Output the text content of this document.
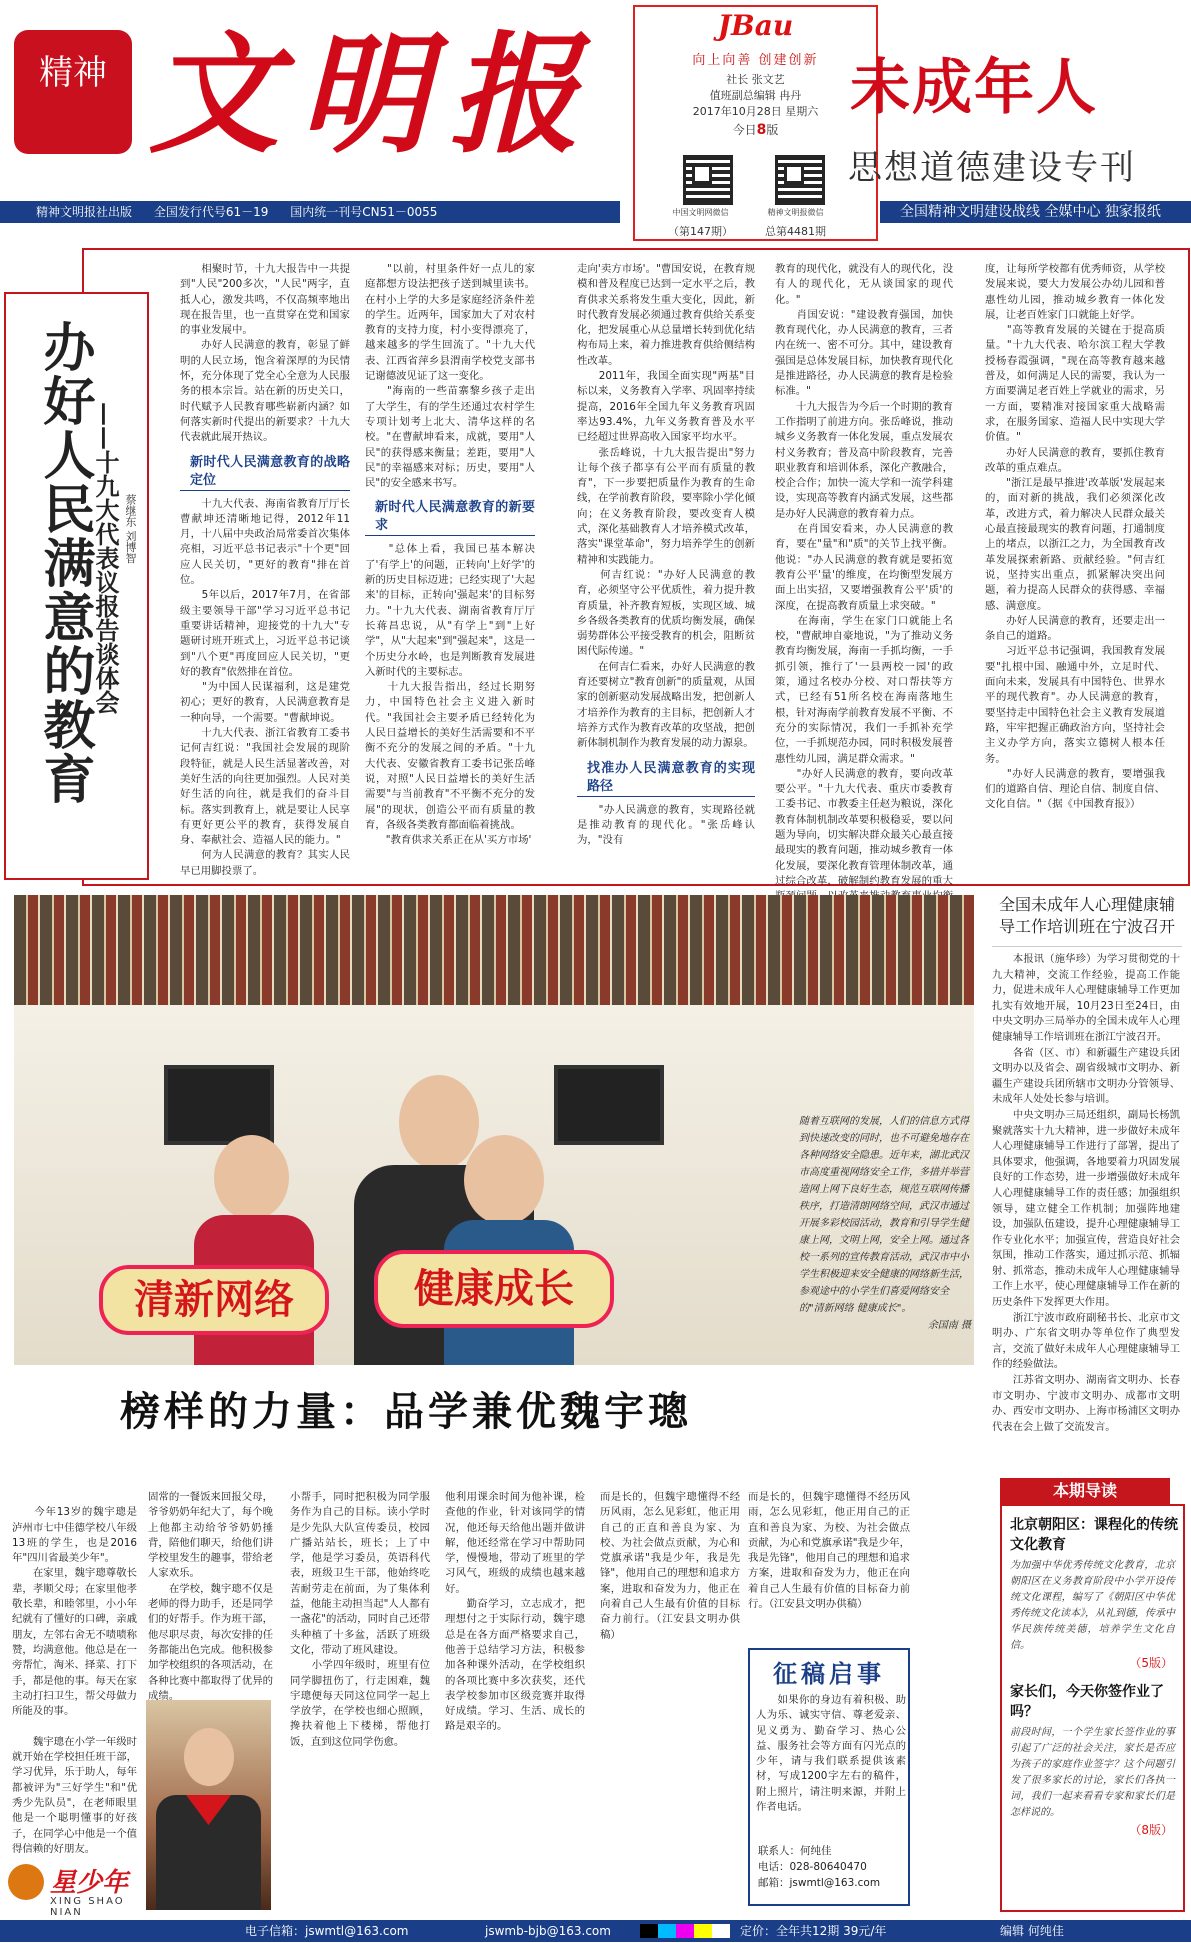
精神 文明报	JBau
向上向善 创建创新
社长 张文艺
值班副总编辑 冉丹
2017年10月28日 星期六
今日8版
中国文明网微信	精神文明报微信
（第147期）	总第4481期
未成年人
思想道德建设专刊
精神文明报社出版 全国发行代号61－19 国内统一刊号CN51－0055	全国精神文明建设战线 全媒中心 独家报纸
办好人民满意的教育
——十九大代表议报告谈体会 蔡继东 刘博智

　　相聚时节，十九大报告中一共提到"人民"200多次，"人民"两字，直抵人心，激发共鸣，不仅高频率地出现在报告里，也一直贯穿在党和国家的事业发展中。

　　办好人民满意的教育，彰显了鲜明的人民立场，饱含着深厚的为民情怀，充分体现了党全心全意为人民服务的根本宗旨。站在新的历史关口，时代赋予人民教育哪些崭新内涵？如何落实新时代提出的新要求？十九大代表就此展开热议。

新时代人民满意教育的战略定位

　　十九大代表、海南省教育厅厅长曹献坤还清晰地记得，2012年11月，十八届中央政治局常委首次集体亮相，习近平总书记表示"十个更"回应人民关切，"更好的教育"排在首位。

　　5年以后，2017年7月，在省部级主要领导干部"学习习近平总书记重要讲话精神，迎接党的十九大"专题研讨班开班式上，习近平总书记谈到"八个更"再度回应人民关切，"更好的教育"依然排在首位。

　　"为中国人民谋福利，这是建党初心；更好的教育，人民满意教育是一种向导，一个需要。"曹献坤说。

　　十九大代表、浙江省教育工委书记何吉红说："我国社会发展的现阶段特征，就是人民生活显著改善，对美好生活的向往更加强烈。人民对美好生活的向往，就是我们的奋斗目标。落实到教育上，就是要让人民享有更好更公平的教育，获得发展自身、奉献社会、造福人民的能力。"

　　何为人民满意的教育？其实人民早已用脚投票了。

　　"以前，村里条件好一点儿的家庭都想方设法把孩子送到城里读书。在村小上学的大多是家庭经济条件差的学生。近两年，国家加大了对农村教育的支持力度，村小变得漂亮了，越来越多的学生回流了。"十九大代表、江西省萍乡县渭南学校党支部书记谢德波见证了这一变化。

　　"海南的一些苗寨黎乡孩子走出了大学生，有的学生还通过农村学生专项计划考上北大、清华这样的名校。"在曹献坤看来，成就，要用"人民"的获得感来衡量；差距，要用"人民"的幸福感来对标；历史，要用"人民"的安全感来书写。

新时代人民满意教育的新要求

　　"总体上看，我国已基本解决了'有学上'的问题，正转向'上好学'的新的历史目标迈进；已经实现了'大起来'的目标，正转向'强起来'的目标努力。"十九大代表、湖南省教育厅厅长蒋昌忠说，从"有学上"到"上好学"，从"大起来"到"强起来"，这是一个历史分水岭，也是判断教育发展进入新时代的主要标志。

　　十九大报告指出，经过长期努力，中国特色社会主义进入新时代。"我国社会主要矛盾已经转化为人民日益增长的美好生活需要和不平衡不充分的发展之间的矛盾。"十九大代表、安徽省教育工委书记张岳峰说，对照"人民日益增长的美好生活需要"与当前教育"不平衡不充分的发展"的现状，创造公平而有质量的教育，各级各类教育都面临着挑战。

　　"教育供求关系正在从'买方市场'

走向'卖方市场'。"曹国安说，在教育规模和普及程度已达到一定水平之后，教育供求关系将发生重大变化，因此，新时代教育发展必须通过教育供给关系变化，把发展重心从总量增长转到优化结构布局上来，着力推进教育供给侧结构性改革。

　　2011年，我国全面实现"两基"目标以来，义务教育入学率、巩固率持续提高，2016年全国九年义务教育巩固率达93.4%，九年义务教育普及水平已经超过世界高收入国家平均水平。

　　张岳峰说，十九大报告提出"努力让每个孩子都享有公平而有质量的教育"，下一步要把质量作为教育的生命线，在学前教育阶段，要率除小学化倾向；在义务教育阶段，要改变育人模式，深化基础教育人才培养模式改革，落实"课堂革命"，努力培养学生的创新精神和实践能力。

　　何吉红说："办好人民满意的教育，必须坚守公平优质性，着力提升教育质量，补齐教育短板，实现区域、城乡各级各类教育的优质均衡发展，确保弱势群体公平接受教育的机会，阻断贫困代际传递。"

　　在何吉仁看来，办好人民满意的教育还要树立"教育创新"的质量观，从国家的创新驱动发展战略出发，把创新人才培养作为教育的主目标，把创新人才培养方式作为教育改革的攻坚战，把创新体制机制作为教育发展的动力源泉。

找准办人民满意教育的实现路径

　　"办人民满意的教育，实现路径就是推动教育的现代化。"张岳峰认为，"没有

教育的现代化，就没有人的现代化，没有人的现代化，无从谈国家的现代化。"

　　肖国安说："建设教育强国，加快教育现代化，办人民满意的教育，三者内在统一、密不可分。其中，建设教育强国是总体发展目标，加快教育现代化是推进路径，办人民满意的教育是检验标准。"

　　十九大报告为今后一个时期的教育工作指明了前进方向。张岳峰说，推动城乡义务教育一体化发展，重点发展农村义务教育；普及高中阶段教育，完善职业教育和培训体系，深化产教融合，校企合作；加快一流大学和一流学科建设，实现高等教育内涵式发展，这些都是办好人民满意的教育着力点。

　　在肖国安看来，办人民满意的教育，要在"量"和"质"的关节上找平衡。他说："办人民满意的教育就是要拓宽教育公平'量'的维度，在均衡型发展方面上出实招，又要增强教育公平'质'的深度，在提高教育质量上求突破。"

　　在海南，学生在家门口就能上名校，"曹献坤自豪地说，"为了推动义务教育均衡发展，海南一手抓均衡，一手抓引领，推行了'一县两校一园'的政策，通过名校办分校、对口帮扶等方式，已经有51所名校在海南落地生根，针对海南学前教育发展不平衡、不充分的实际情况，我们一手抓补充学位，一手抓规范办园，同时积极发展普惠性幼儿园，满足群众需求。"

　　"办好人民满意的教育，要向改革要公平。"十九大代表、重庆市委教育工委书记、市教委主任赵为粮说，深化教育体制机制改革要积极稳妥，要以问题为导向，切实解决群众最关心最直接最现实的教育问题，推动城乡教育一体化发展，要深化教育管理体制改革，通过综合改革，破解制约教育发展的重大

度，让每所学校都有优秀师资，从学校发展来说，要大力发展公办幼儿园和普惠性幼儿园，推动城乡教育一体化发展，让老百姓家门口就能上好学。

　　"高等教育发展的关键在于提高质量。"十九大代表、哈尔滨工程大学教授杨春霞强调，"现在高等教育越来越普及，如何满足人民的需要，我认为一方面要满足老百姓上学就业的需求，另一方面，要精准对接国家重大战略需求，在服务国家、造福人民中实现大学价值。"

　　办好人民满意的教育，要抓住教育改革的重点难点。

　　"浙江是最早推进'改革版'发展起来的，面对新的挑战，我们必须深化改革，改进方式，着力解决人民群众最关心最直接最现实的教育问题，打通制度上的堵点，以浙江之力，为全国教育改革发展探索新路、贡献经验。"何吉红说，坚持实出重点，抓紧解决突出问题，着力提高人民群众的获得感、幸福感、满意度。

　　办好人民满意的教育，还要走出一条自己的道路。

　　习近平总书记强调，我国教育发展要"扎根中国、融通中外，立足时代、面向未来，发展具有中国特色、世界水平的现代教育"。办人民满意的教育，要坚持走中国特色社会主义教育发展道路，牢牢把握正确政治方向，坚持社会主义办学方向，落实立德树人根本任务。

　　"办好人民满意的教育，要增强我们的道路自信、理论自信、制度自信、文化自信。"（据《中国教育报》）

清新网络	健康成长
随着互联网的发展，人们的信息方式得到快速改变的同时，也不可避免地存在各种网络安全隐患。近年来，湖北武汉市高度重视网络安全工作，多措并举营造网上网下良好生态，规范互联网传播秩序，打造清朗网络空间，武汉市通过开展多彩校园活动，教育和引导学生健康上网，文明上网，安全上网。通过各校一系列的宣传教育活动，武汉市中小学生积极迎来安全健康的网络新生活，参观途中的小学生们喜爱网络安全的"清新网络 健康成长"。
余国南 摄
全国未成年人心理健康辅导工作培训班在宁波召开
　　本报讯（施华珍）为学习贯彻党的十九大精神，交流工作经验，提高工作能力，促进未成年人心理健康辅导工作更加扎实有效地开展，10月23日至24日，由中央文明办三局举办的全国未成年人心理健康辅导工作培训班在浙江宁波召开。
　　各省（区、市）和新疆生产建设兵团文明办以及省会、副省级城市文明办、新疆生产建设兵团所辖市文明办分管领导、未成年人处处长参与培训。
　　中央文明办三局还组织，副局长杨凯聚就落实十九大精神，进一步做好未成年人心理健康辅导工作进行了部署，提出了具体要求，他强调，各地要着力巩固发展良好的工作态势，进一步增强做好未成年人心理健康辅导工作的责任感；加强组织领导，建立健全工作机制；加强阵地建设，加强队伍建设，提升心理健康辅导工作专业化水平；加强宣传，营造良好社会氛围，推动工作落实，通过抓示范、抓辐射、抓常态，推动未成年人心理健康辅导工作上水平，使心理健康辅导工作在新的历史条件下发挥更大作用。
　　浙江宁波市政府副秘书长、北京市文明办、广东省文明办等单位作了典型发言，交流了做好未成年人心理健康辅导工作的经验做法。
　　江苏省文明办、湖南省文明办、长春市文明办、宁波市文明办、成都市文明办、西安市文明办、上海市杨浦区文明办代表在会上做了交流发言。
榜样的力量：品学兼优魏宇璁

　　今年13岁的魏宇璁是泸州市七中佳德学校八年级13班的学生，也是2016年"四川省最美少年"。
　　在家里，魏宇璁尊敬长辈，孝顺父母；在家里他孝敬长辈，和睦邻里，小小年纪就有了懂好的口碑，亲戚朋友，左邻右舍无不啧啧称赞，均满意他。他总是在一旁帮忙，淘米、择菜、打下手，都是他的事。每天在家主动打扫卫生，帮父母做力所能及的事。

　　魏宇璁在小学一年级时就开始在学校担任班干部，学习优异，乐于助人，每年都被评为"三好学生"和"优秀少先队员"，在老师眼里他是一个聪明懂事的好孩子，在同学心中他是一个值得信赖的好朋友。

固常的一餐饭来回报父母，爷爷奶奶年纪大了，每个晚上他都主动给爷爷奶奶捶背，陪他们聊天，给他们讲学校里发生的趣事，带给老人家欢乐。

　　在学校，魏宇璁不仅是老师的得力助手，还是同学们的好帮手。作为班干部，他尽职尽责，每次安排的任务都能出色完成。他积极参加学校组织的各项活动，在各种比赛中都取得了优异的成绩。

小帮手，同时把积极为同学服务作为自己的目标。读小学时是少先队大队宣传委员，校园广播站站长，班长；上了中学，他是学习委员，英语科代表，班级卫生干部，他始终吃苦耐劳走在前面，为了集体利益，他能主动担当起"人人都有一盏花"的活动，同时自己还带头种植了十多盆，活跃了班级文化，带动了班风建设。

　　小学四年级时，班里有位同学脚扭伤了，行走困难，魏宇璁便每天同这位同学一起上学放学，在学校也细心照顾，搀扶着他上下楼梯，帮他打饭，直到这位同学伤愈。

他利用课余时间为他补课，检查他的作业，针对该同学的情况，他还每天给他出题并做讲解，他还经常在学习中帮助同学，慢慢地，带动了班里的学习风气，班级的成绩也越来越好。

　　勤奋学习，立志成才，把理想付之于实际行动，魏宇璁总是在各方面严格要求自己，他善于总结学习方法，积极参加各种课外活动，在学校组织的各项比赛中多次获奖，还代表学校参加市区级竞赛并取得好成绩。学习、生活、成长的路是艰辛的。

而是长的，但魏宇璁懂得不经历风雨，怎么见彩虹，他正用自己的正直和善良为家、为校、为社会做点贡献，为心和党旗承诺"我是少年，我是先锋"，他用自己的理想和追求方案，进取和奋发为力，他正在向着自己人生最有价值的目标奋力前行。（江安县文明办供稿）

而是长的，但魏宇璁懂得不经历风雨，怎么见彩虹，他正用自己的正直和善良为家、为校、为社会做点贡献，为心和党旗承诺"我是少年，我是先锋"，他用自己的理想和追求方案，进取和奋发为力，他正在向着自己人生最有价值的目标奋力前行。（江安县文明办供稿）

征稿启事
　　如果你的身边有着积极、助人为乐、诚实守信、尊老爱亲、见义勇为、勤奋学习、热心公益、服务社会等方面有闪光点的少年，请与我们联系提供该素材，写成1200字左右的稿件，附上照片，请注明来源，并附上作者电话。
联系人：何纯佳
电话：028-80640470
邮箱：jswmtl@163.com
本期导读
北京朝阳区：课程化的传统文化教育
为加强中华优秀传统文化教育，北京朝阳区在义务教育阶段中小学开设传统文化课程，编写了《朝阳区中华优秀传统文化读本》，从礼到德，传承中华民族传统美德，培养学生文化自信。
（5版）
家长们，今天你签作业了吗？
前段时间，一个学生家长签作业的事引起了广泛的社会关注，家长是否应为孩子的家庭作业签字？这个问题引发了很多家长的讨论，家长们各执一词，我们一起来看看专家和家长们是怎样说的。
（8版）
星少年
XING SHAO NIAN
电子信箱：jswmtl@163.com	jswmb-bjb@163.com	定价：全年共12期 39元/年	编辑 何纯佳
